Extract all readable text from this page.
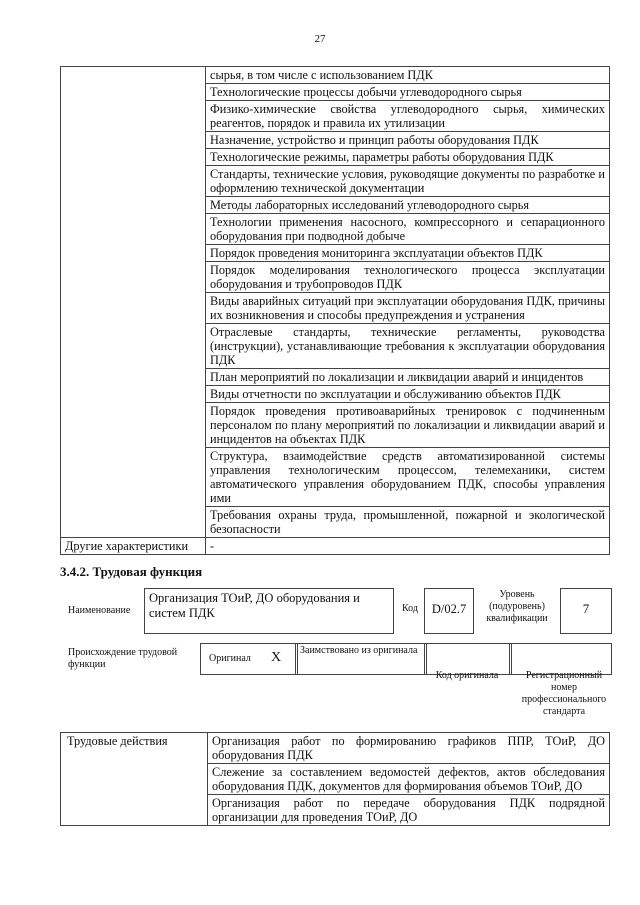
27
	сырья, в том числе с использованием ПДК
	Технологические процессы добычи углеводородного сырья
	Физико-химические свойства углеводородного сырья, химических реагентов, порядок и правила их утилизации
	Назначение, устройство и принцип работы оборудования ПДК
	Технологические режимы, параметры работы оборудования ПДК
	Стандарты, технические условия, руководящие документы по разработке и оформлению технической документации
	Методы лабораторных исследований углеводородного сырья
	Технологии применения насосного, компрессорного и сепарационного оборудования при подводной добыче
	Порядок проведения мониторинга эксплуатации объектов ПДК
	Порядок моделирования технологического процесса эксплуатации оборудования и трубопроводов ПДК
	Виды аварийных ситуаций при эксплуатации оборудования ПДК, причины их возникновения и способы предупреждения и устранения
	Отраслевые стандарты, технические регламенты, руководства (инструкции), устанавливающие требования к эксплуатации оборудования ПДК
	План мероприятий по локализации и ликвидации аварий и инцидентов
	Виды отчетности по эксплуатации и обслуживанию объектов ПДК
	Порядок проведения противоаварийных тренировок с подчиненным персоналом по плану мероприятий по локализации и ликвидации аварий и инцидентов на объектах ПДК
	Структура, взаимодействие средств автоматизированной системы управления технологическим процессом, телемеханики, систем автоматического управления оборудованием ПДК, способы управления ими
	Требования охраны труда, промышленной, пожарной и экологической безопасности
Другие характеристики	-
3.4.2. Трудовая функция
Наименование
Организация ТОиР, ДО оборудования и систем ПДК	Код	D/02.7
Уровень (подуровень) квалификации
7
Происхождение трудовой функции
Оригинал X	Заимствовано из оригинала
Код оригинала	Регистрационный номер профессионального стандарта
Трудовые действия	Организация работ по формированию графиков ППР, ТОиР, ДО оборудования ПДК
Слежение за составлением ведомостей дефектов, актов обследования оборудования ПДК, документов для формирования объемов ТОиР, ДО
Организация работ по передаче оборудования ПДК подрядной организации для проведения ТОиР, ДО
